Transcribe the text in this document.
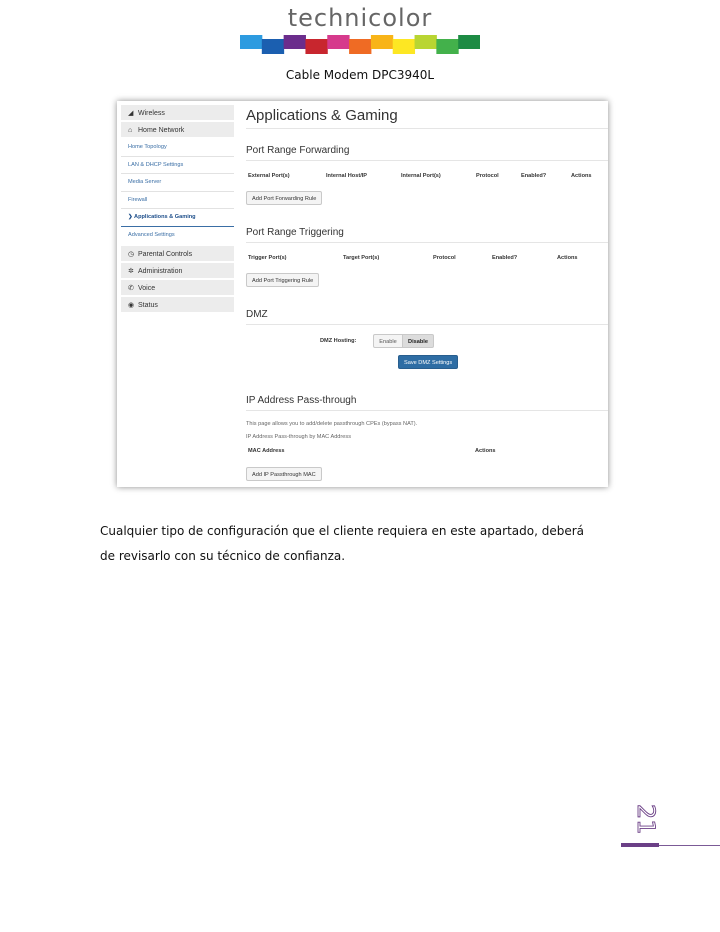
technicolor
Cable Modem DPC3940L
◢ Wireless
⌂ Home Network
Home Topology
LAN & DHCP Settings
Media Server
Firewall
❯ Applications & Gaming
Advanced Settings
◷ Parental Controls
✲ Administration
✆ Voice
◉ Status
Applications & Gaming
Port Range Forwarding
External Port(s)	Internal Host/IP	Internal Port(s)	Protocol	Enabled?	Actions
Add Port Forwarding Rule
Port Range Triggering
Trigger Port(s)	Target Port(s)	Protocol	Enabled?	Actions
Add Port Triggering Rule
DMZ
DMZ Hosting:	Enable	Disable
Save DMZ Settings
IP Address Pass-through
This page allows you to add/delete passthrough CPEs (bypass NAT).
IP Address Pass-through by MAC Address
MAC Address	Actions
Add IP Passthrough MAC
Cualquier tipo de configuración que el cliente requiera en este apartado, deberá
de revisarlo con su técnico de confianza.
21
